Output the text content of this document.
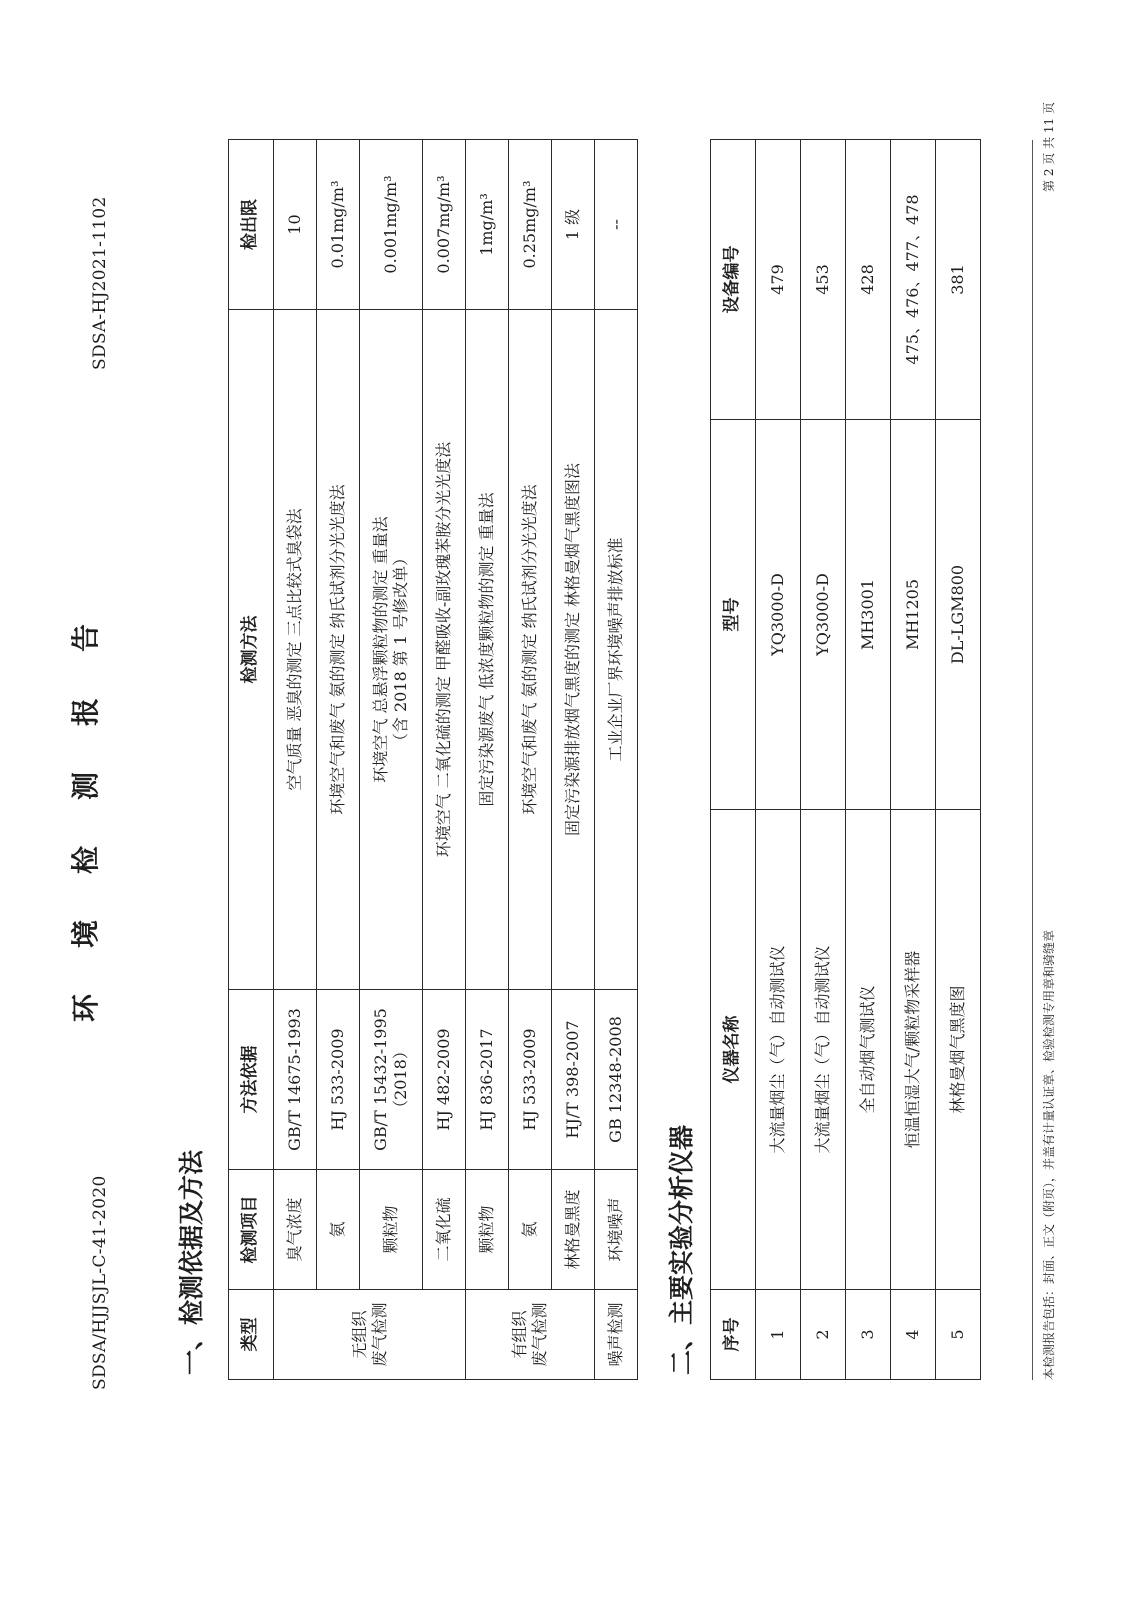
SDSA/HJJSJL-C-41-2020
环境检测报告
SDSA-HJ2021-1102
一、检测依据及方法 类型	检测项目	方法依据	检测方法	检出限

无组织 废气检测	臭气浓度	GB/T 14675-1993	空气质量 恶臭的测定 三点比较式臭袋法	10
	氨	HJ 533-2009	环境空气和废气 氨的测定 纳氏试剂分光光度法	0.01mg/m³
	颗粒物	GB/T 15432-1995 （2018）	环境空气 总悬浮颗粒物的测定 重量法 （含 2018 第 1 号修改单）	0.001mg/m³
	二氧化硫	HJ 482-2009	环境空气 二氧化硫的测定 甲醛吸收-副玫瑰苯胺分光光度法	0.007mg/m³

有组织 废气检测	颗粒物	HJ 836-2017	固定污染源废气 低浓度颗粒物的测定 重量法	1mg/m³
	氨	HJ 533-2009	环境空气和废气 氨的测定 纳氏试剂分光光度法	0.25mg/m³
	林格曼黑度	HJ/T 398-2007	固定污染源排放烟气黑度的测定 林格曼烟气黑度图法	1 级
噪声检测	环境噪声	GB 12348-2008	工业企业厂界环境噪声排放标准	--
二、主要实验分析仪器 序号	仪器名称	型号	设备编号
1	大流量烟尘（气）自动测试仪	YQ3000-D	479
2	大流量烟尘（气）自动测试仪	YQ3000-D	453
3	全自动烟气测试仪	MH3001	428
4	恒温恒湿大气/颗粒物采样器	MH1205	475、476、477、478
5	林格曼烟气黑度图	DL-LGM800	381
本检测报告包括：封面、正文（附页），并盖有计量认证章、检验检测专用章和骑缝章
第 2 页 共 11 页
